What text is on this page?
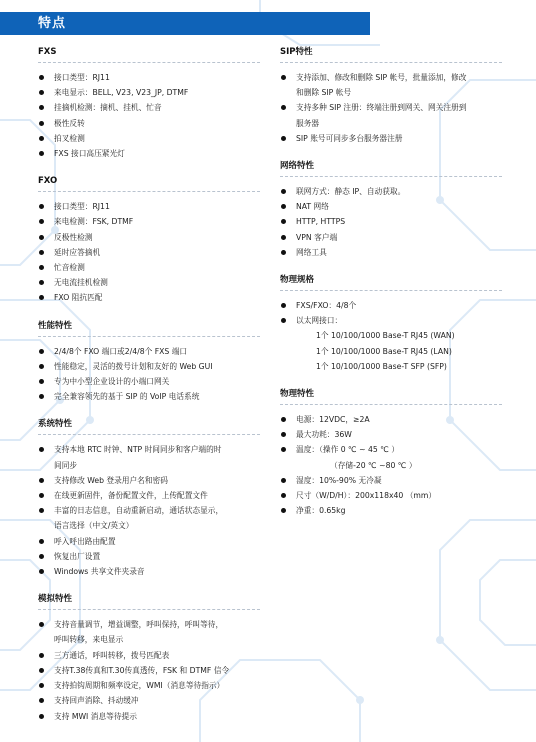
特点
FXS
接口类型：RJ11
来电显示：BELL, V23, V23_JP, DTMF
挂摘机检测：摘机、挂机、忙音
极性反转
拍叉检测
FXS 接口高压紧光灯
FXO
接口类型：RJ11
来电检测：FSK, DTMF
反极性检测
延时应答摘机
忙音检测
无电流挂机检测
FXO 阻抗匹配
性能特性
2/4/8个 FXO 端口或2/4/8个 FXS 端口
性能稳定，灵活的拨号计划和友好的 Web GUI
专为中小型企业设计的小端口网关
完全兼容领先的基于 SIP 的 VoIP 电话系统
系统特性
支持本地 RTC 时钟、NTP 时间同步和客户端的时
间同步
支持修改 Web 登录用户名和密码
在线更新固件，备份配置文件，上传配置文件
丰富的日志信息，自动重新启动，通话状态显示，
语言选择（中文/英文）
呼入呼出路由配置
恢复出厂设置
Windows 共享文件夹录音
模拟特性
支持音量调节，增益调整，呼叫保持，呼叫等待，
呼叫转移，来电显示
三方通话，呼叫转移，拨号匹配表
支持T.38传真和T.30传真透传，FSK 和 DTMF 信令
支持拍钩周期和频率设定，WMI（消息等待指示）
支持回声消除、抖动缓冲
支持 MWI 消息等待提示
SIP特性
支持添加、修改和删除 SIP 帐号，批量添加，修改
和删除 SIP 帐号
支持多种 SIP 注册：终端注册到网关、网关注册到
服务器
SIP 账号可同步多台服务器注册
网络特性
联网方式：静态 IP、自动获取。
NAT 网络
HTTP, HTTPS
VPN 客户端
网络工具
物理规格
FXS/FXO：4/8个
以太网接口：
1个 10/100/1000 Base-T RJ45 (WAN)
1个 10/100/1000 Base-T RJ45 (LAN)
1个 10/100/1000 Base-T SFP (SFP)
物理特性
电源：12VDC，≥2A
最大功耗：36W
温度：（操作 0 ℃ ~ 45 ℃ ）
（存储-20 ℃ ~80 ℃ ）
湿度：10%-90% 无冷凝
尺寸（W/D/H）：200x118x40 （mm）
净重：0.65kg
